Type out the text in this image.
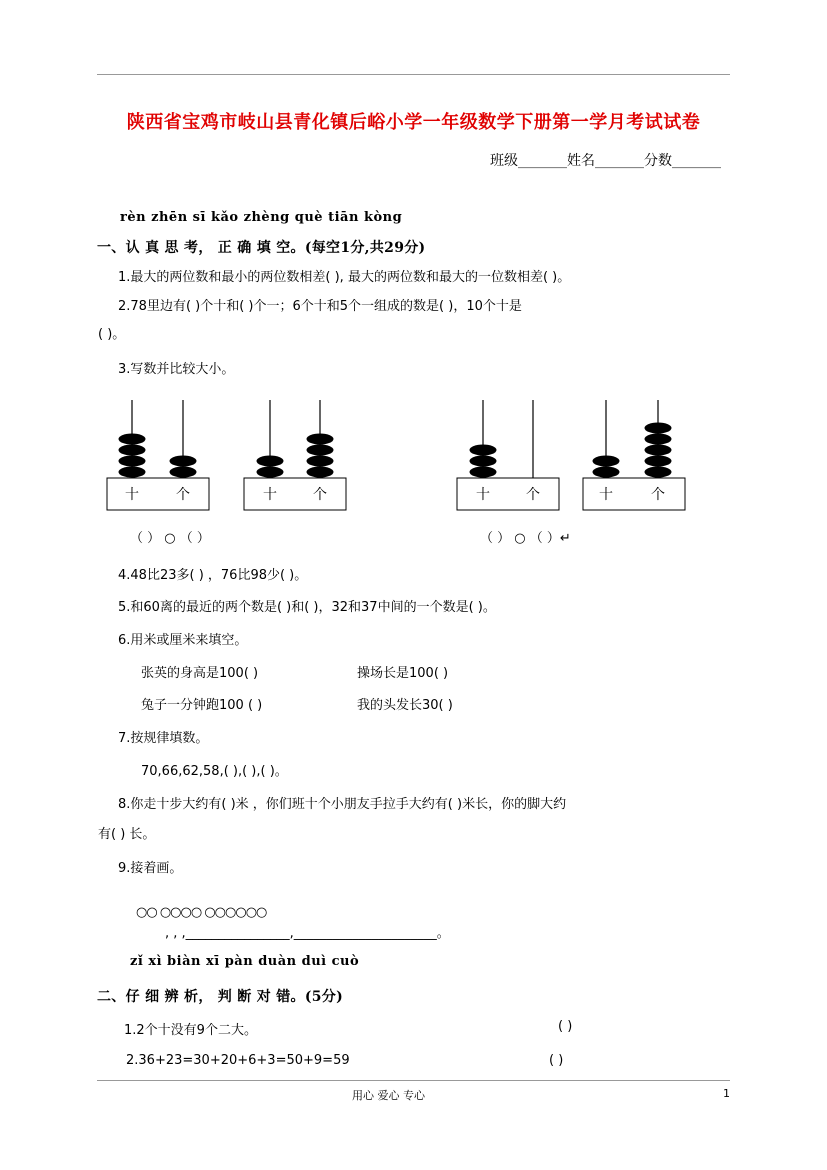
陕西省宝鸡市岐山县青化镇后峪小学一年级数学下册第一学月考试试卷
班级_______姓名_______分数_______
rèn zhēn sī kǎo zhèng què tiān kòng
一、认 真 思 考， 正 确 填 空。(每空1分,共29分)
1.最大的两位数和最小的两位数相差( ), 最大的两位数和最大的一位数相差( )。
2.78里边有( )个十和( )个一；6个十和5个一组成的数是( )，10个十是
( )。
3.写数并比较大小。
十	个	十	个	十	个	十	个
（ ） ○ （ ）	（ ） ○ （ ）↵
4.48比23多( ) ，76比98少( )。
5.和60离的最近的两个数是( )和( )，32和37中间的一个数是( )。
6.用米或厘米来填空。
张英的身高是100( )	操场长是100( )
兔子一分钟跑100 ( )	我的头发长30( )
7.按规律填数。
70,66,62,58,( ),( ),( )。
8.你走十步大约有( )米 ，你们班十个小朋友手拉手大约有( )米长，你的脚大约
有( ) 长。
9.接着画。
○○ ○○○○ ○○○○○○
, , ,________________,______________________。
zǐ xì biàn xī pàn duàn duì cuò
二、仔 细 辨 析， 判 断 对 错。(5分)
1.2个十没有9个二大。	( )
2.36+23=30+20+6+3=50+9=59	( )
用心 爱心 专心	1
